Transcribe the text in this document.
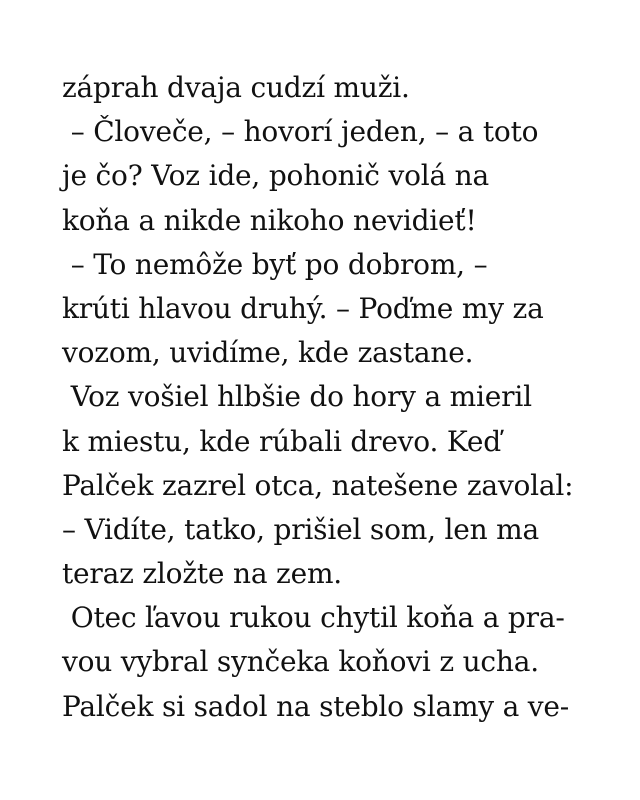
záprah dvaja cudzí muži.
– Človeče, – hovorí jeden, – a toto
je čo? Voz ide, pohonič volá na
koňa a nikde nikoho nevidieť!
– To nemôže byť po dobrom, –
krúti hlavou druhý. – Poďme my za
vozom, uvidíme, kde zastane.
Voz vošiel hlbšie do hory a mieril
k miestu, kde rúbali drevo. Keď
Palček zazrel otca, natešene zavolal:
– Vidíte, tatko, prišiel som, len ma
teraz zložte na zem.
Otec ľavou rukou chytil koňa a pra-
vou vybral synčeka koňovi z ucha.
Palček si sadol na steblo slamy a ve-
